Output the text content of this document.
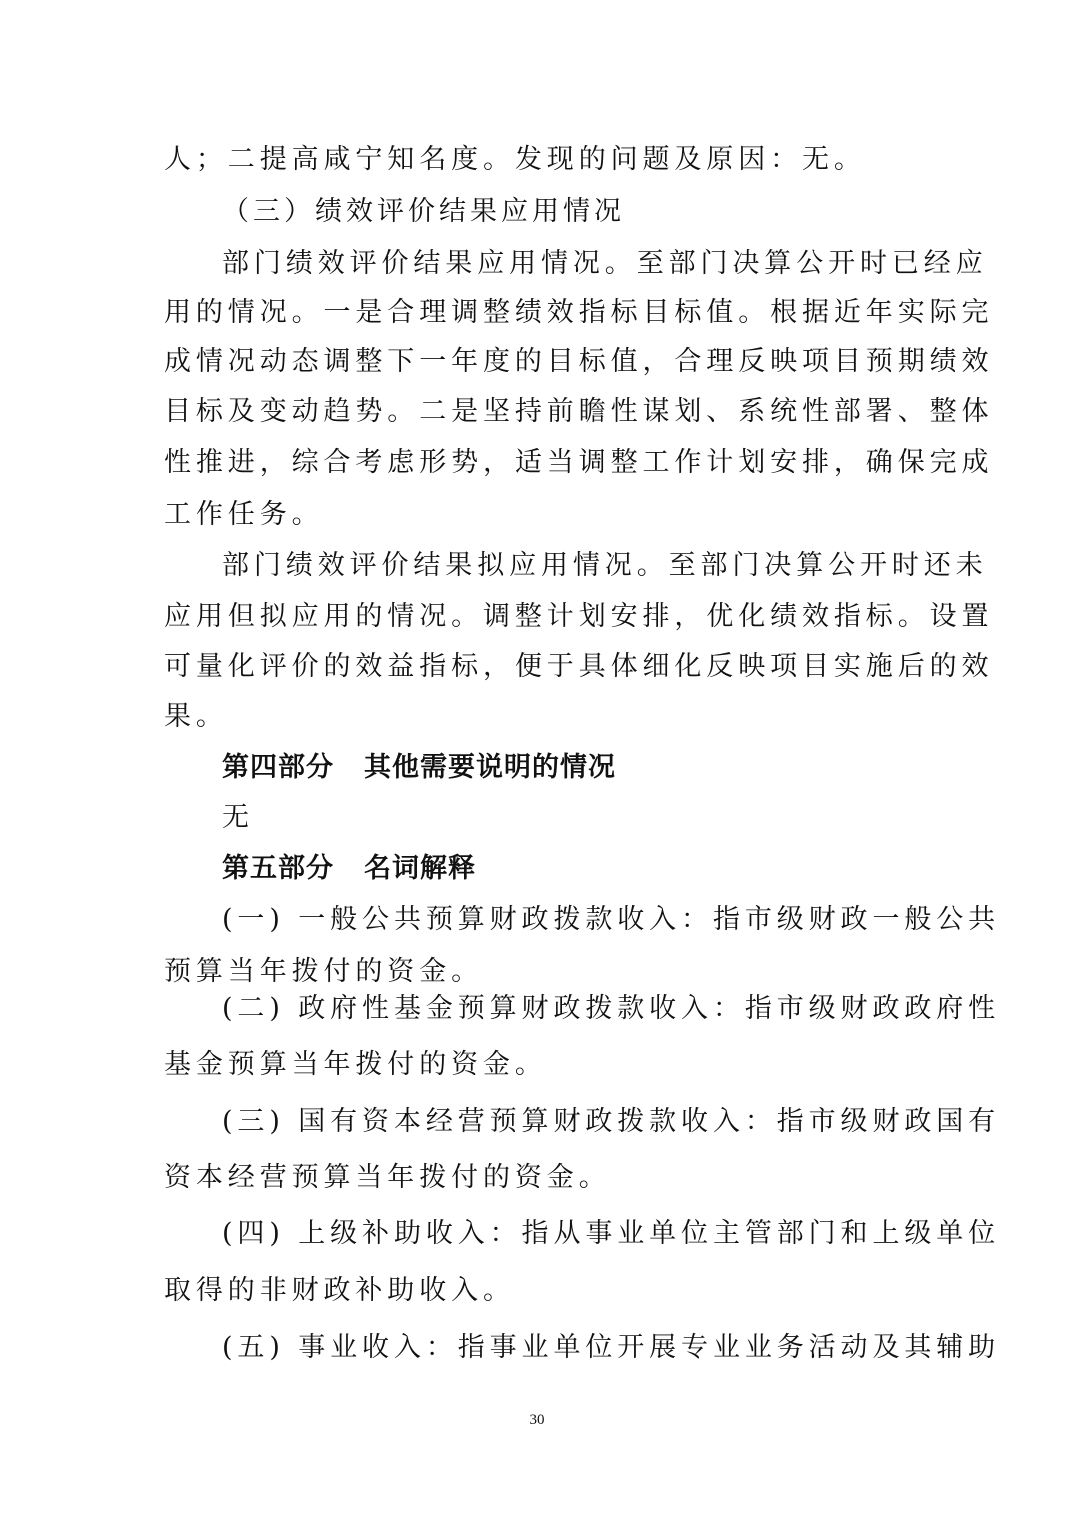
人；二提高咸宁知名度。发现的问题及原因：无。
（三）绩效评价结果应用情况
部门绩效评价结果应用情况。至部门决算公开时已经应
用的情况。一是合理调整绩效指标目标值。根据近年实际完
成情况动态调整下一年度的目标值，合理反映项目预期绩效
目标及变动趋势。二是坚持前瞻性谋划、系统性部署、整体
性推进，综合考虑形势，适当调整工作计划安排，确保完成
工作任务。
部门绩效评价结果拟应用情况。至部门决算公开时还未
应用但拟应用的情况。调整计划安排，优化绩效指标。设置
可量化评价的效益指标，便于具体细化反映项目实施后的效
果。
第四部分 其他需要说明的情况
无
第五部分 名词解释
(一) 一般公共预算财政拨款收入：指市级财政一般公共
预算当年拨付的资金。
(二) 政府性基金预算财政拨款收入：指市级财政政府性
基金预算当年拨付的资金。
(三) 国有资本经营预算财政拨款收入：指市级财政国有
资本经营预算当年拨付的资金。
(四) 上级补助收入：指从事业单位主管部门和上级单位
取得的非财政补助收入。
(五) 事业收入：指事业单位开展专业业务活动及其辅助
30
